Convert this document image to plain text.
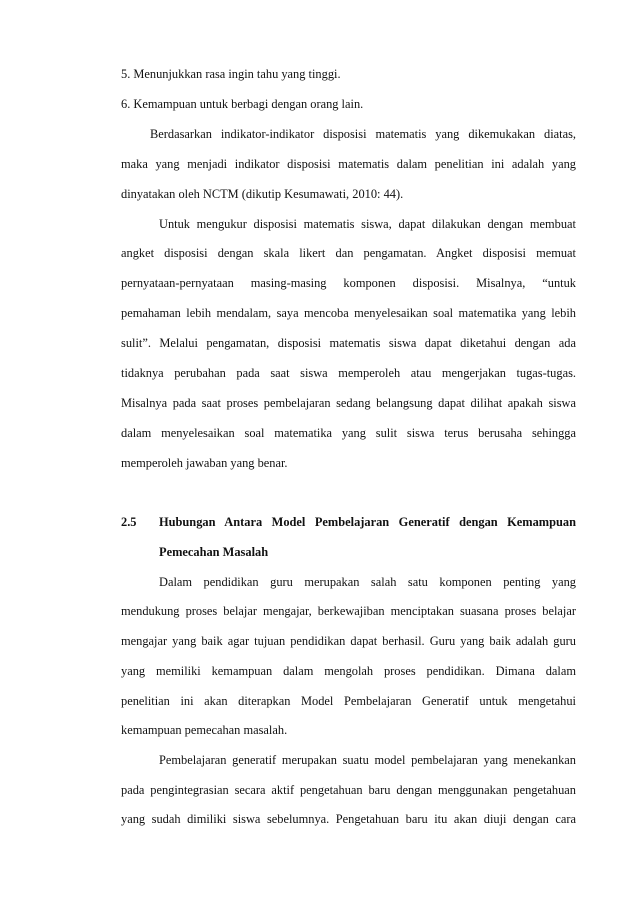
5. Menunjukkan rasa ingin tahu yang tinggi.

6. Kemampuan untuk berbagi dengan orang lain.

Berdasarkan indikator-indikator disposisi matematis yang dikemukakan diatas,

maka yang menjadi indikator disposisi matematis dalam penelitian ini adalah yang

dinyatakan oleh NCTM (dikutip Kesumawati, 2010: 44).

Untuk mengukur disposisi matematis siswa, dapat dilakukan dengan membuat

angket disposisi dengan skala likert dan pengamatan. Angket disposisi memuat

pernyataan-pernyataan masing-masing komponen disposisi. Misalnya, “untuk

pemahaman lebih mendalam, saya mencoba menyelesaikan soal matematika yang lebih

sulit”. Melalui pengamatan, disposisi matematis siswa dapat diketahui dengan ada

tidaknya perubahan pada saat siswa memperoleh atau mengerjakan tugas-tugas.

Misalnya pada saat proses pembelajaran sedang belangsung dapat dilihat apakah siswa

dalam menyelesaikan soal matematika yang sulit siswa terus berusaha sehingga

memperoleh jawaban yang benar.

2.5 Hubungan Antara Model Pembelajaran Generatif dengan Kemampuan

Pemecahan Masalah

Dalam pendidikan guru merupakan salah satu komponen penting yang

mendukung proses belajar mengajar, berkewajiban menciptakan suasana proses belajar

mengajar yang baik agar tujuan pendidikan dapat berhasil. Guru yang baik adalah guru

yang memiliki kemampuan dalam mengolah proses pendidikan. Dimana dalam

penelitian ini akan diterapkan Model Pembelajaran Generatif untuk mengetahui

kemampuan pemecahan masalah.

Pembelajaran generatif merupakan suatu model pembelajaran yang menekankan

pada pengintegrasian secara aktif pengetahuan baru dengan menggunakan pengetahuan

yang sudah dimiliki siswa sebelumnya. Pengetahuan baru itu akan diuji dengan cara
